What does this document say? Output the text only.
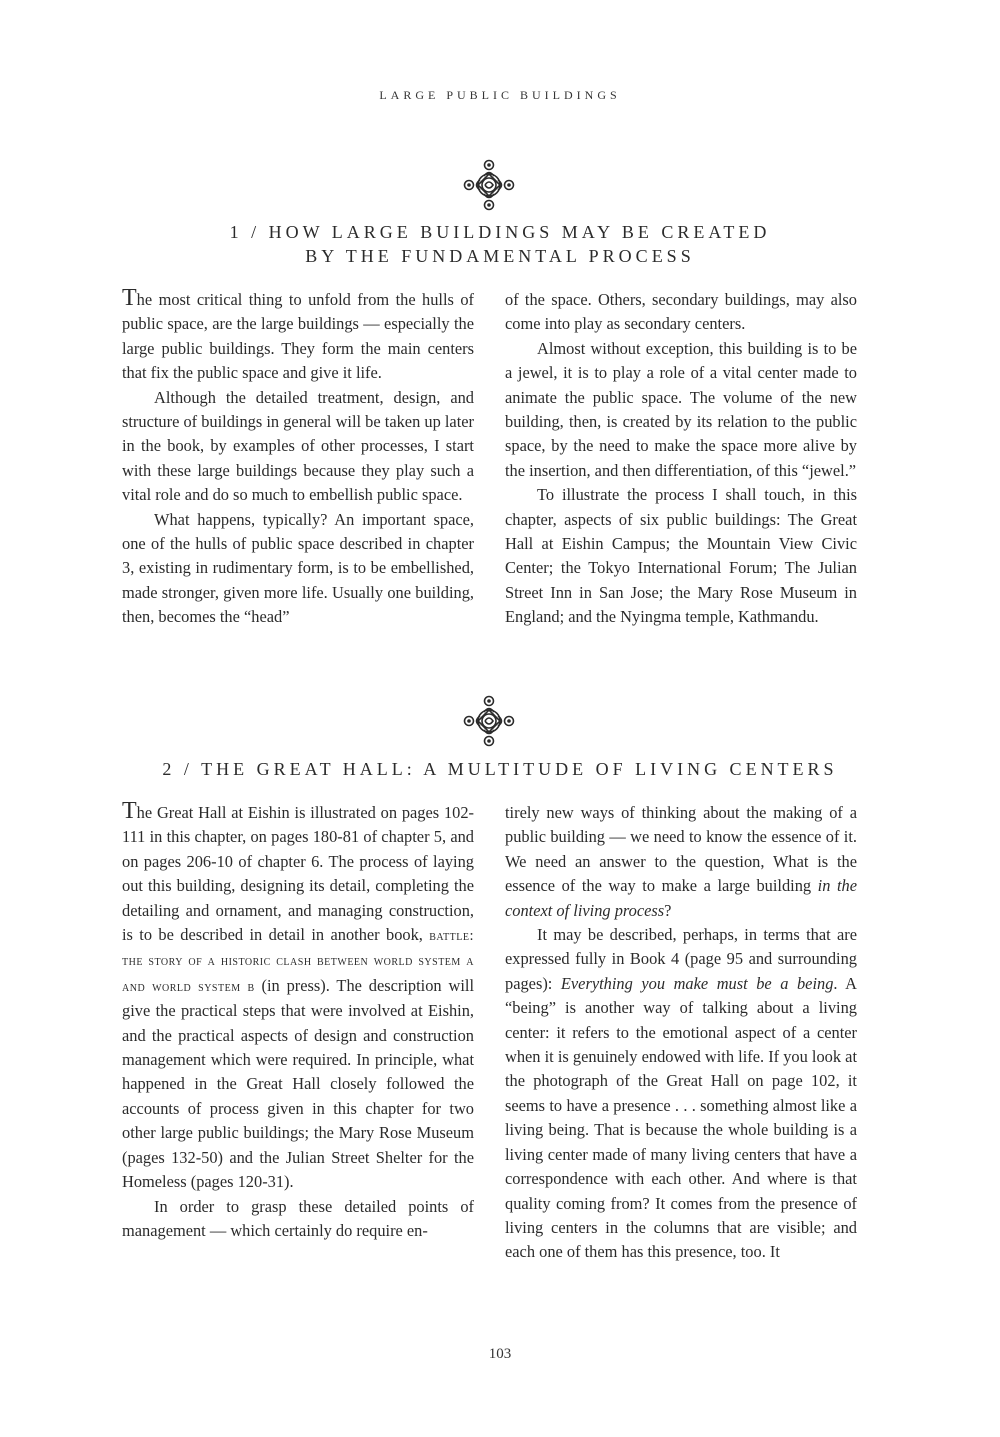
LARGE PUBLIC BUILDINGS
1 / HOW LARGE BUILDINGS MAY BE CREATED
BY THE FUNDAMENTAL PROCESS

The most critical thing to unfold from the hulls of public space, are the large buildings — especially the large public buildings. They form the main centers that fix the public space and give it life.

Although the detailed treatment, design, and structure of buildings in general will be taken up later in the book, by examples of other processes, I start with these large buildings because they play such a vital role and do so much to embellish public space.

What happens, typically? An important space, one of the hulls of public space described in chapter 3, existing in rudimentary form, is to be embellished, made stronger, given more life. Usually one building, then, becomes the “head”

of the space. Others, secondary buildings, may also come into play as secondary centers.

Almost without exception, this building is to be a jewel, it is to play a role of a vital center made to animate the public space. The volume of the new building, then, is created by its relation to the public space, by the need to make the space more alive by the insertion, and then differentiation, of this “jewel.”

To illustrate the process I shall touch, in this chapter, aspects of six public buildings: The Great Hall at Eishin Campus; the Mountain View Civic Center; the Tokyo International Forum; The Julian Street Inn in San Jose; the Mary Rose Museum in England; and the Nyingma temple, Kathmandu.

2 / THE GREAT HALL: A MULTITUDE OF LIVING CENTERS

The Great Hall at Eishin is illustrated on pages 102-111 in this chapter, on pages 180-81 of chapter 5, and on pages 206-10 of chapter 6. The process of laying out this building, designing its detail, completing the detailing and ornament, and managing construction, is to be described in detail in another book, battle: the story of a historic clash between world system a and world system b (in press). The description will give the practical steps that were involved at Eishin, and the practical aspects of design and construction management which were required. In principle, what happened in the Great Hall closely followed the accounts of process given in this chapter for two other large public buildings; the Mary Rose Museum (pages 132-50) and the Julian Street Shelter for the Homeless (pages 120-31).

In order to grasp these detailed points of management — which certainly do require en-

tirely new ways of thinking about the making of a public building — we need to know the essence of it. We need an answer to the question, What is the essence of the way to make a large building in the context of living process?

It may be described, perhaps, in terms that are expressed fully in Book 4 (page 95 and surrounding pages): Everything you make must be a being. A “being” is another way of talking about a living center: it refers to the emotional aspect of a center when it is genuinely endowed with life. If you look at the photograph of the Great Hall on page 102, it seems to have a presence . . . something almost like a living being. That is because the whole building is a living center made of many living centers that have a correspondence with each other. And where is that quality coming from? It comes from the presence of living centers in the columns that are visible; and each one of them has this presence, too. It

103
